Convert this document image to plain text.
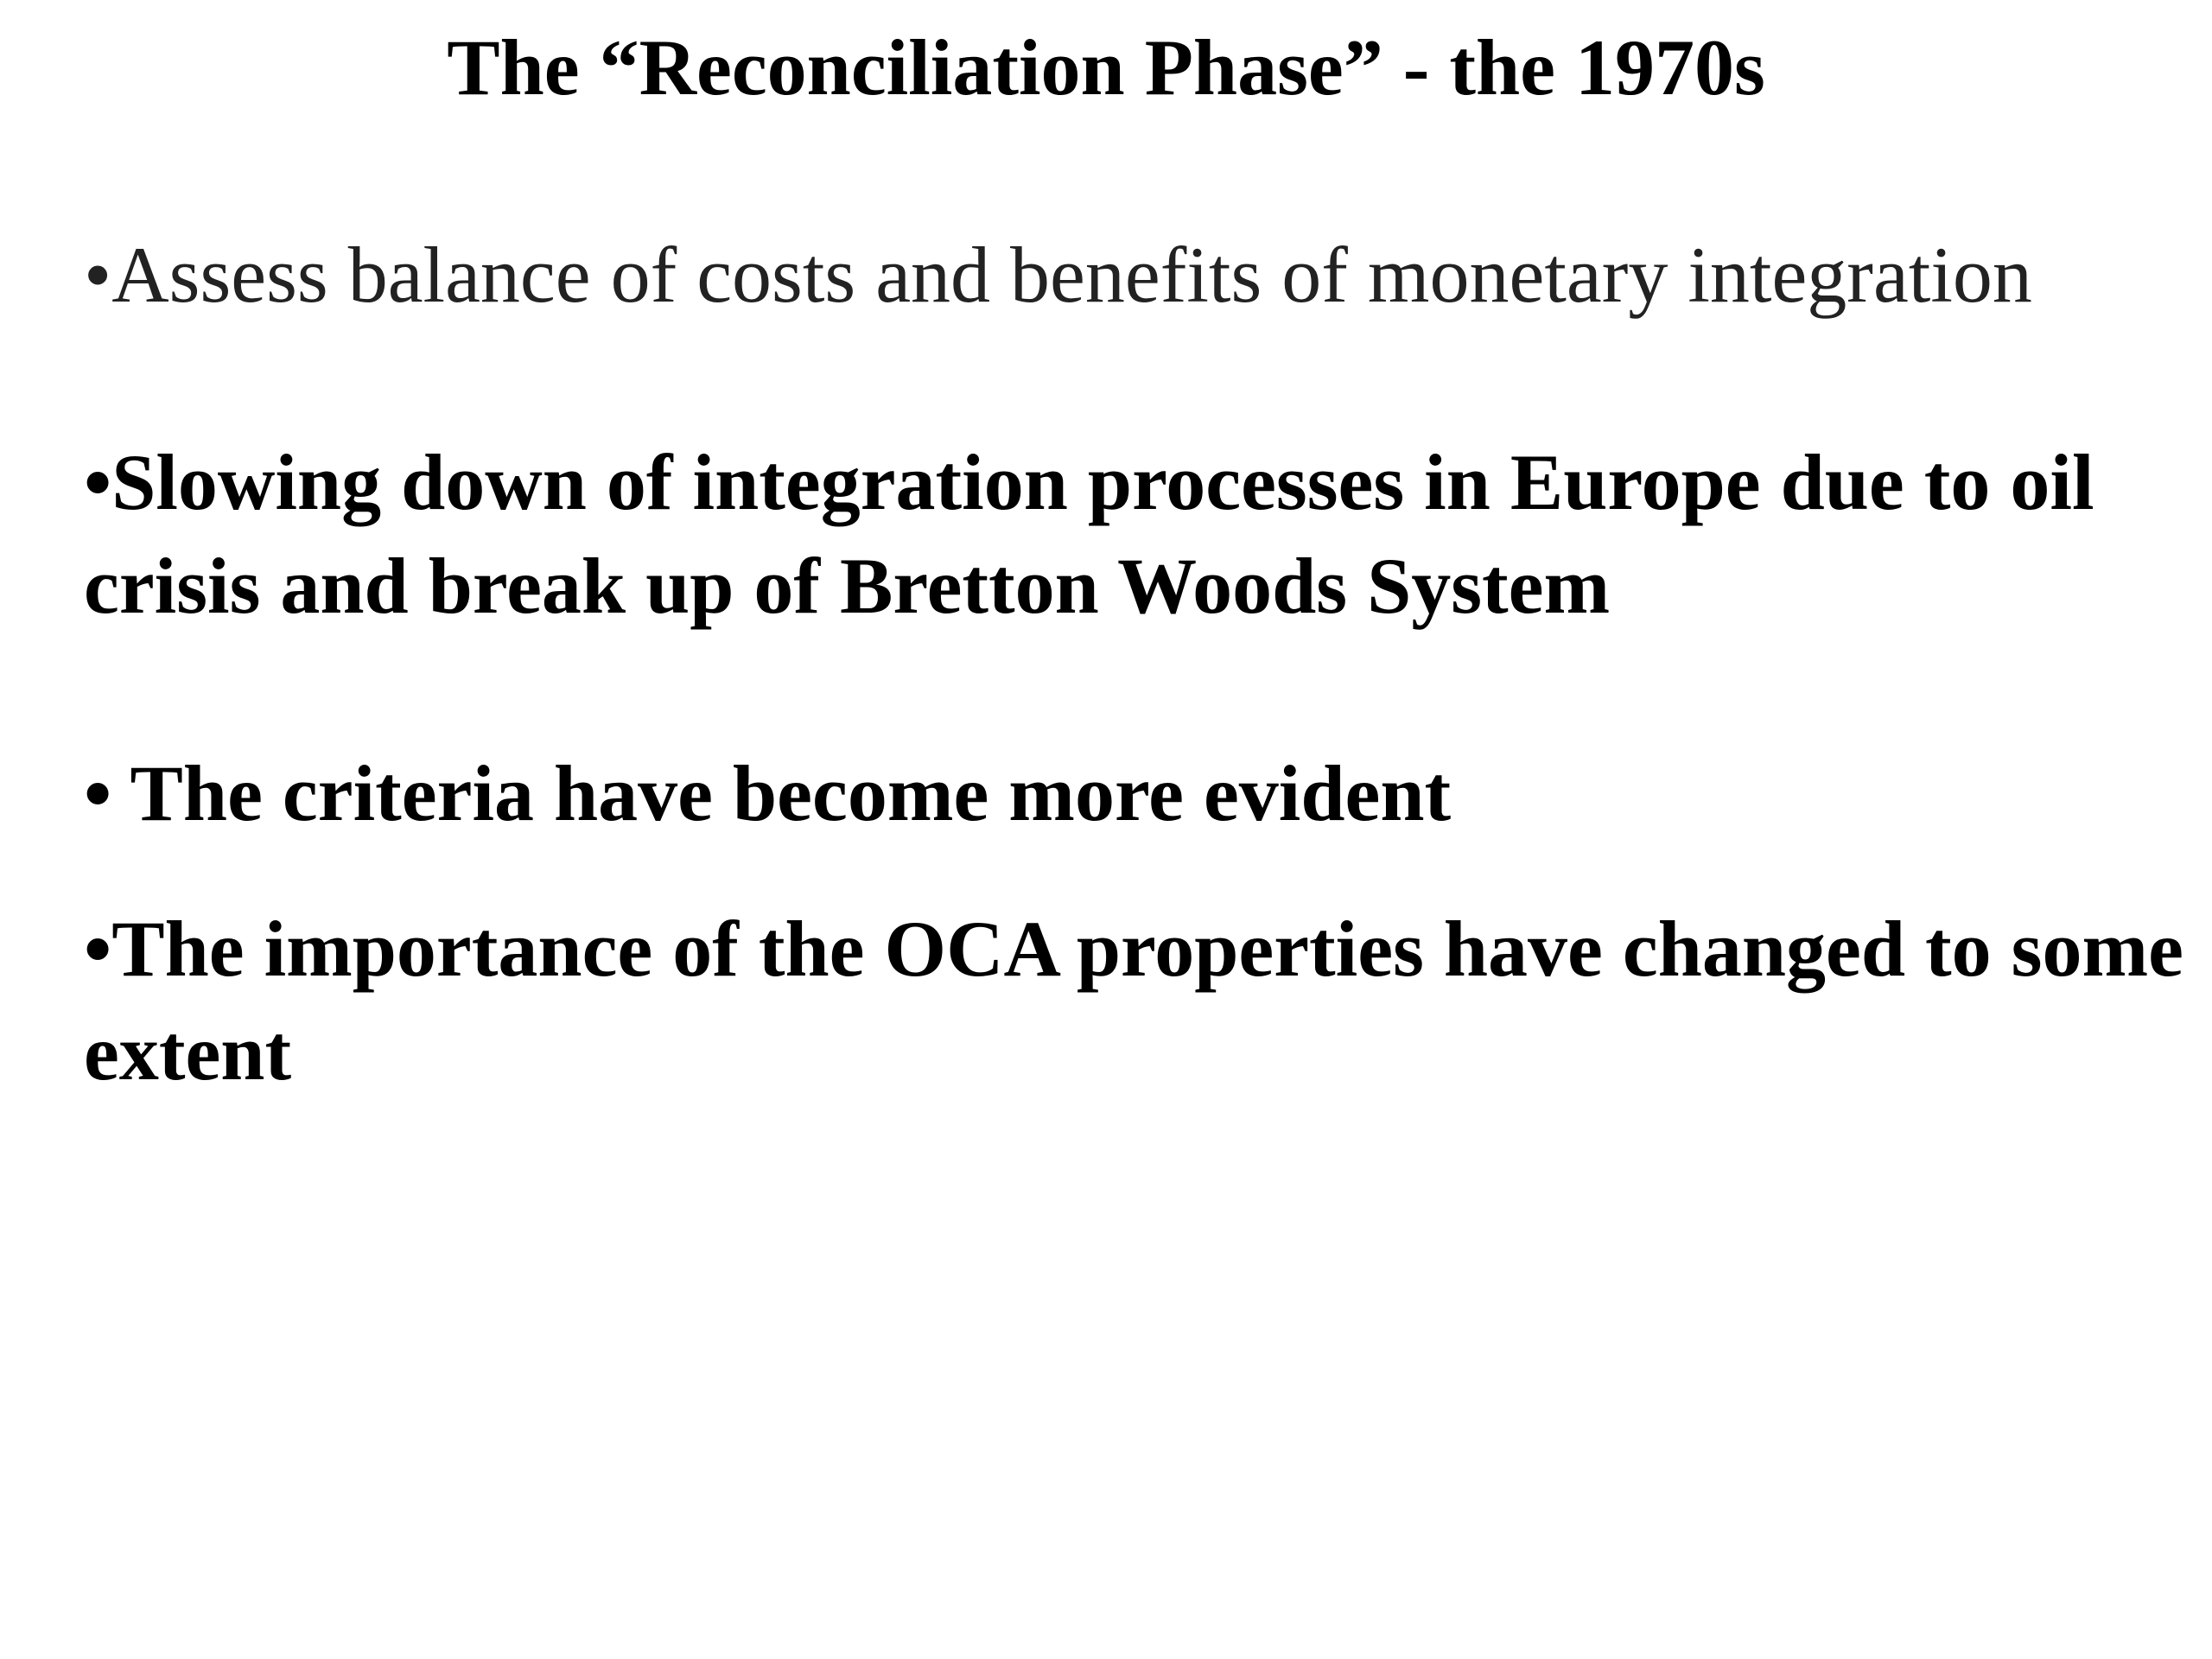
The “Reconciliation Phase” - the 1970s

•Assess balance of costs and benefits of monetary integration

•Slowing down of integration processes in Europe due to oil crisis and break up of Bretton Woods System

• The criteria have become more evident

•The importance of the OCA properties have changed to some extent
